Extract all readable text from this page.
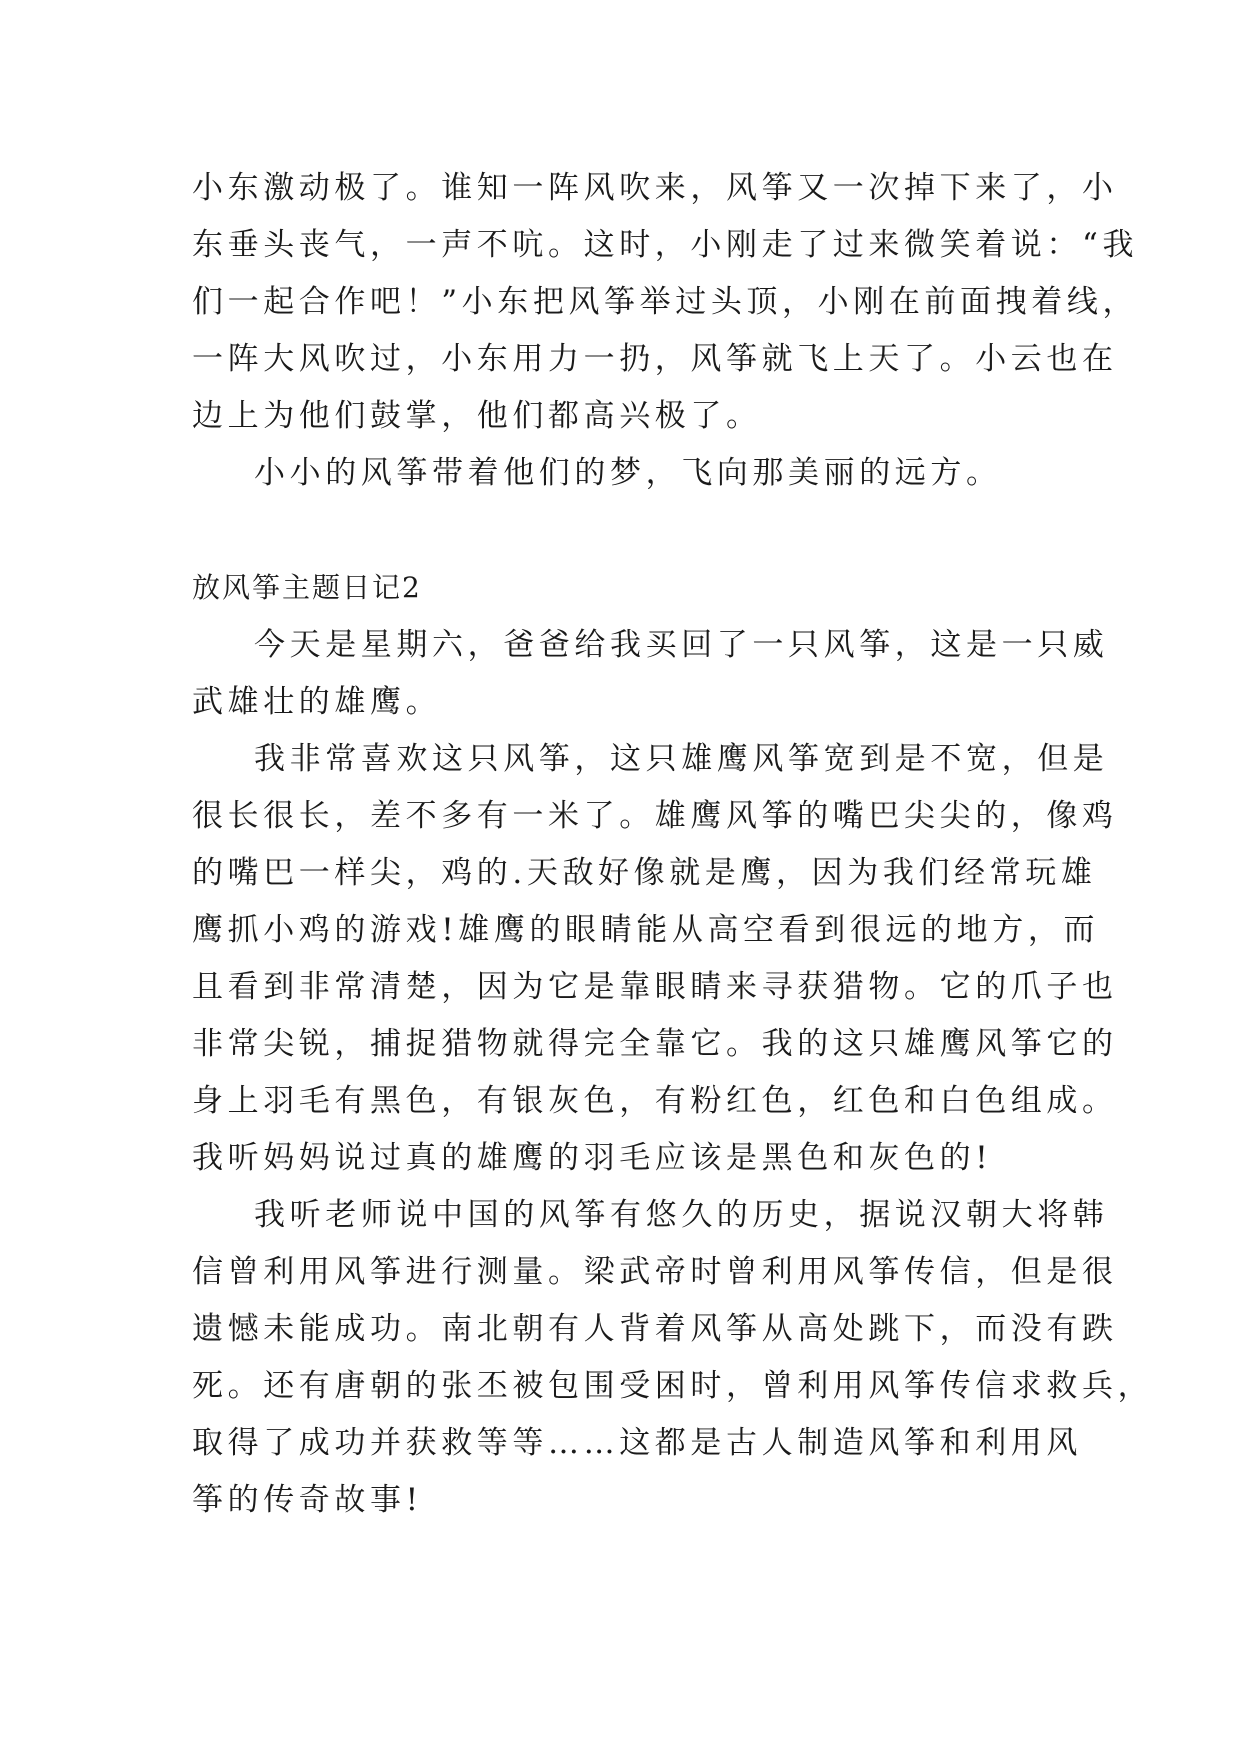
小东激动极了。谁知一阵风吹来，风筝又一次掉下来了，小
东垂头丧气，一声不吭。这时，小刚走了过来微笑着说：“我
们一起合作吧！”小东把风筝举过头顶，小刚在前面拽着线，
一阵大风吹过，小东用力一扔，风筝就飞上天了。小云也在
边上为他们鼓掌，他们都高兴极了。
小小的风筝带着他们的梦，飞向那美丽的远方。
放风筝主题日记2
今天是星期六，爸爸给我买回了一只风筝，这是一只威
武雄壮的雄鹰。
我非常喜欢这只风筝，这只雄鹰风筝宽到是不宽，但是
很长很长，差不多有一米了。雄鹰风筝的嘴巴尖尖的，像鸡
的嘴巴一样尖，鸡的.天敌好像就是鹰，因为我们经常玩雄
鹰抓小鸡的游戏!雄鹰的眼睛能从高空看到很远的地方，而
且看到非常清楚，因为它是靠眼睛来寻获猎物。它的爪子也
非常尖锐，捕捉猎物就得完全靠它。我的这只雄鹰风筝它的
身上羽毛有黑色，有银灰色，有粉红色，红色和白色组成。
我听妈妈说过真的雄鹰的羽毛应该是黑色和灰色的!
我听老师说中国的风筝有悠久的历史，据说汉朝大将韩
信曾利用风筝进行测量。梁武帝时曾利用风筝传信，但是很
遗憾未能成功。南北朝有人背着风筝从高处跳下，而没有跌
死。还有唐朝的张丕被包围受困时，曾利用风筝传信求救兵，
取得了成功并获救等等……这都是古人制造风筝和利用风
筝的传奇故事!
